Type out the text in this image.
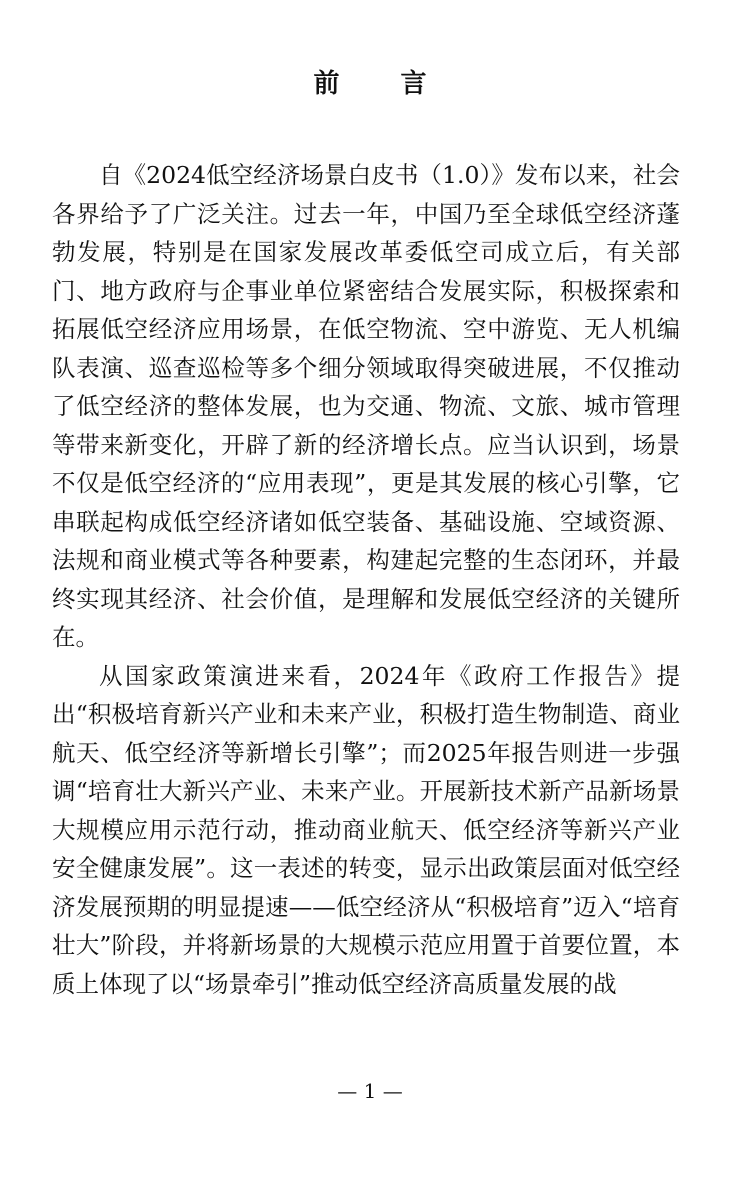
前 言

自《2024低空经济场景白皮书（1.0）》发布以来，社会各界给予了广泛关注。过去一年，中国乃至全球低空经济蓬勃发展，特别是在国家发展改革委低空司成立后，有关部门、地方政府与企事业单位紧密结合发展实际，积极探索和拓展低空经济应用场景，在低空物流、空中游览、无人机编队表演、巡查巡检等多个细分领域取得突破进展，不仅推动了低空经济的整体发展，也为交通、物流、文旅、城市管理等带来新变化，开辟了新的经济增长点。应当认识到，场景不仅是低空经济的“应用表现”，更是其发展的核心引擎，它串联起构成低空经济诸如低空装备、基础设施、空域资源、法规和商业模式等各种要素，构建起完整的生态闭环，并最终实现其经济、社会价值，是理解和发展低空经济的关键所在。

从国家政策演进来看，2024年《政府工作报告》提出“积极培育新兴产业和未来产业，积极打造生物制造、商业航天、低空经济等新增长引擎”；而2025年报告则进一步强调“培育壮大新兴产业、未来产业。开展新技术新产品新场景大规模应用示范行动，推动商业航天、低空经济等新兴产业安全健康发展”。这一表述的转变，显示出政策层面对低空经济发展预期的明显提速——低空经济从“积极培育”迈入“培育壮大”阶段，并将新场景的大规模示范应用置于首要位置，本质上体现了以“场景牵引”推动低空经济高质量发展的战

— 1 —
